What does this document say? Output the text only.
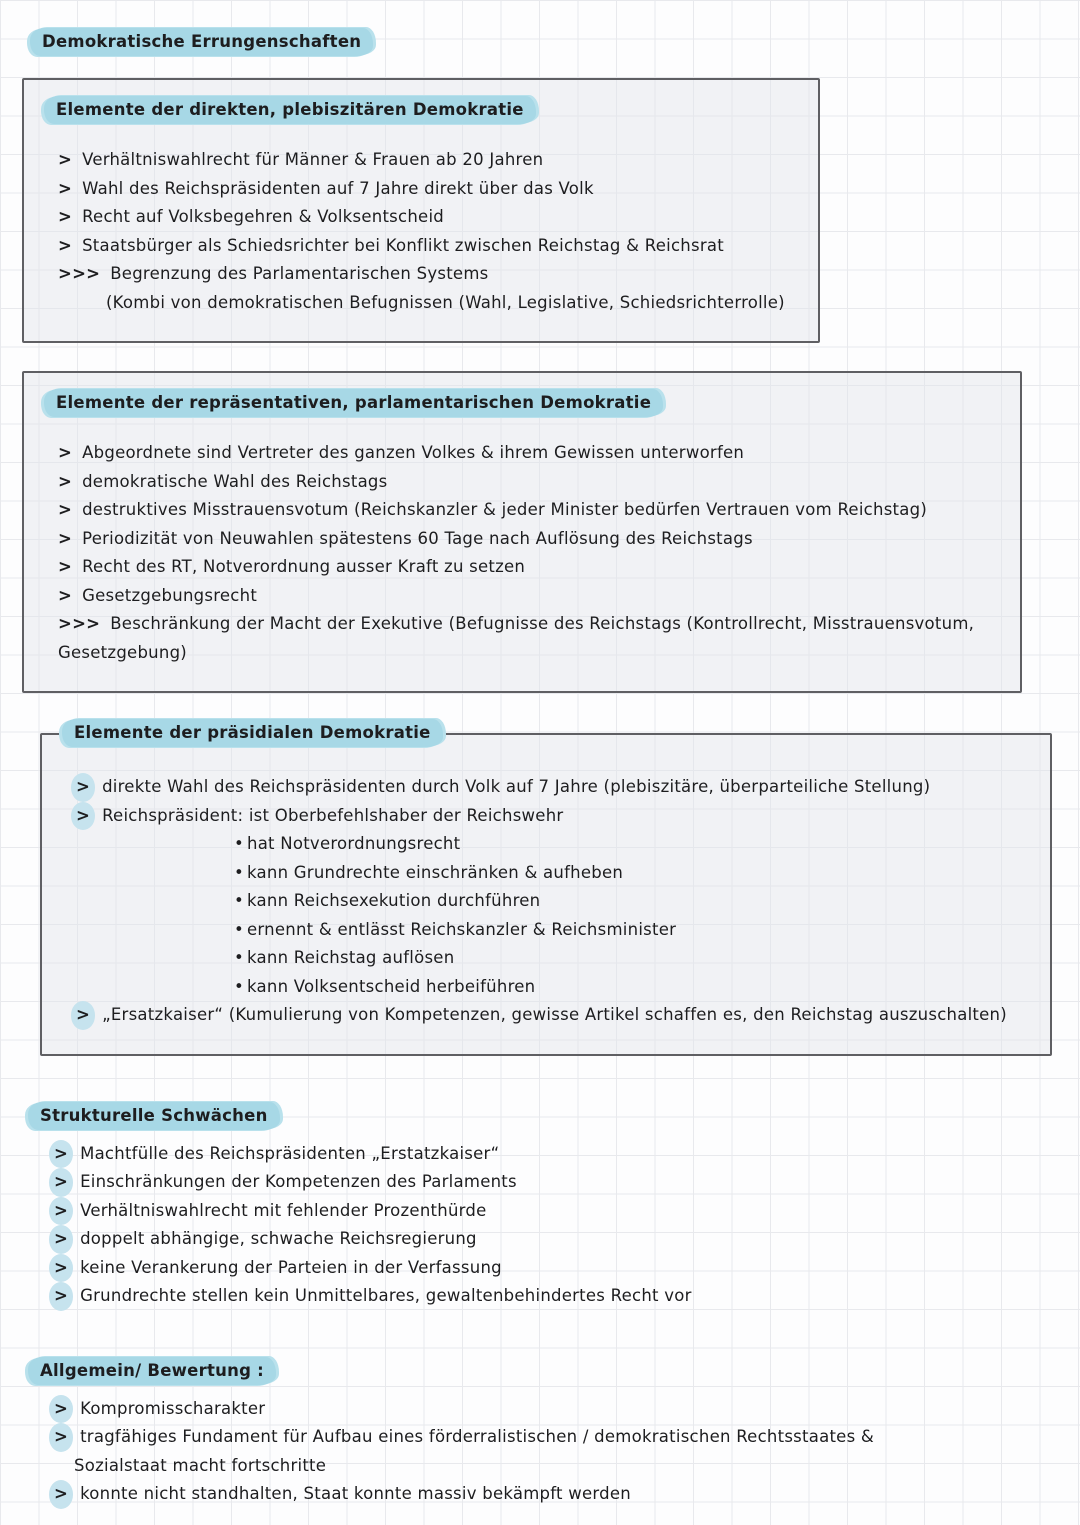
Demokratische Errungenschaften
Elemente der direkten, plebiszitären Demokratie
> Verhältniswahlrecht für Männer & Frauen ab 20 Jahren
> Wahl des Reichspräsidenten auf 7 Jahre direkt über das Volk
> Recht auf Volksbegehren & Volksentscheid
> Staatsbürger als Schiedsrichter bei Konflikt zwischen Reichstag & Reichsrat
>>> Begrenzung des Parlamentarischen Systems
(Kombi von demokratischen Befugnissen (Wahl, Legislative, Schiedsrichterrolle)
Elemente der repräsentativen, parlamentarischen Demokratie
> Abgeordnete sind Vertreter des ganzen Volkes & ihrem Gewissen unterworfen
> demokratische Wahl des Reichstags
> destruktives Misstrauensvotum (Reichskanzler & jeder Minister bedürfen Vertrauen vom Reichstag)
> Periodizität von Neuwahlen spätestens 60 Tage nach Auflösung des Reichstags
> Recht des RT, Notverordnung ausser Kraft zu setzen
> Gesetzgebungsrecht
>>> Beschränkung der Macht der Exekutive (Befugnisse des Reichstags (Kontrollrecht, Misstrauensvotum,
Gesetzgebung)
Elemente der präsidialen Demokratie
> direkte Wahl des Reichspräsidenten durch Volk auf 7 Jahre (plebiszitäre, überparteiliche Stellung)
> Reichspräsident: ist Oberbefehlshaber der Reichswehr
• hat Notverordnungsrecht
• kann Grundrechte einschränken & aufheben
• kann Reichsexekution durchführen
• ernennt & entlässt Reichskanzler & Reichsminister
• kann Reichstag auflösen
• kann Volksentscheid herbeiführen
> „Ersatzkaiser“ (Kumulierung von Kompetenzen, gewisse Artikel schaffen es, den Reichstag auszuschalten)
Strukturelle Schwächen
> Machtfülle des Reichspräsidenten „Erstatzkaiser“
> Einschränkungen der Kompetenzen des Parlaments
> Verhältniswahlrecht mit fehlender Prozenthürde
> doppelt abhängige, schwache Reichsregierung
> keine Verankerung der Parteien in der Verfassung
> Grundrechte stellen kein Unmittelbares, gewaltenbehindertes Recht vor
Allgemein/ Bewertung :
> Kompromisscharakter
> tragfähiges Fundament für Aufbau eines förderralistischen / demokratischen Rechtsstaates &
Sozialstaat macht fortschritte
> konnte nicht standhalten, Staat konnte massiv bekämpft werden
